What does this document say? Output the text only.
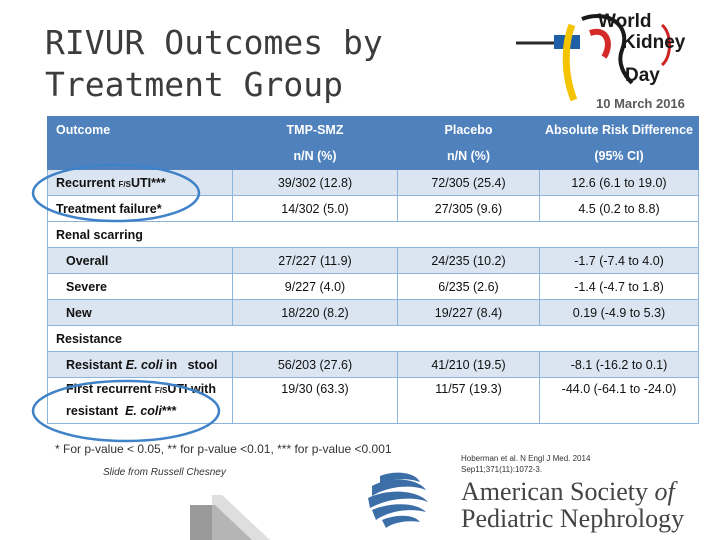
RIVUR Outcomes by
Treatment Group
World
Kidney
Day
10 March 2016
Outcome	TMP-SMZ	Placebo	Absolute Risk Difference
	n/N (%)	n/N (%)	(95% CI)
Recurrent F/SUTI***	39/302 (12.8)	72/305 (25.4)	12.6 (6.1 to 19.0)
Treatment failure*	14/302 (5.0)	27/305 (9.6)	4.5 (0.2 to 8.8)
Renal scarring			
Overall	27/227 (11.9)	24/235 (10.2)	-1.7 (-7.4 to 4.0)
Severe	9/227 (4.0)	6/235 (2.6)	-1.4 (-4.7 to 1.8)
New	18/220 (8.2)	19/227 (8.4)	0.19 (-4.9 to 5.3)
Resistance			
Resistant E. coli in   stool	56/203 (27.6)	41/210 (19.5)	-8.1 (-16.2 to 0.1)

First recurrent F/SUTI with
resistant  E. coli***	19/30 (63.3)	11/57 (19.3)	-44.0 (-64.1 to -24.0)
* For p-value < 0.05, ** for p-value <0.01, *** for p-value <0.001
Slide from Russell Chesney
Hoberman et al. N Engl J Med. 2014
Sep11;371(11):1072-3.
American Society of
Pediatric Nephrology
